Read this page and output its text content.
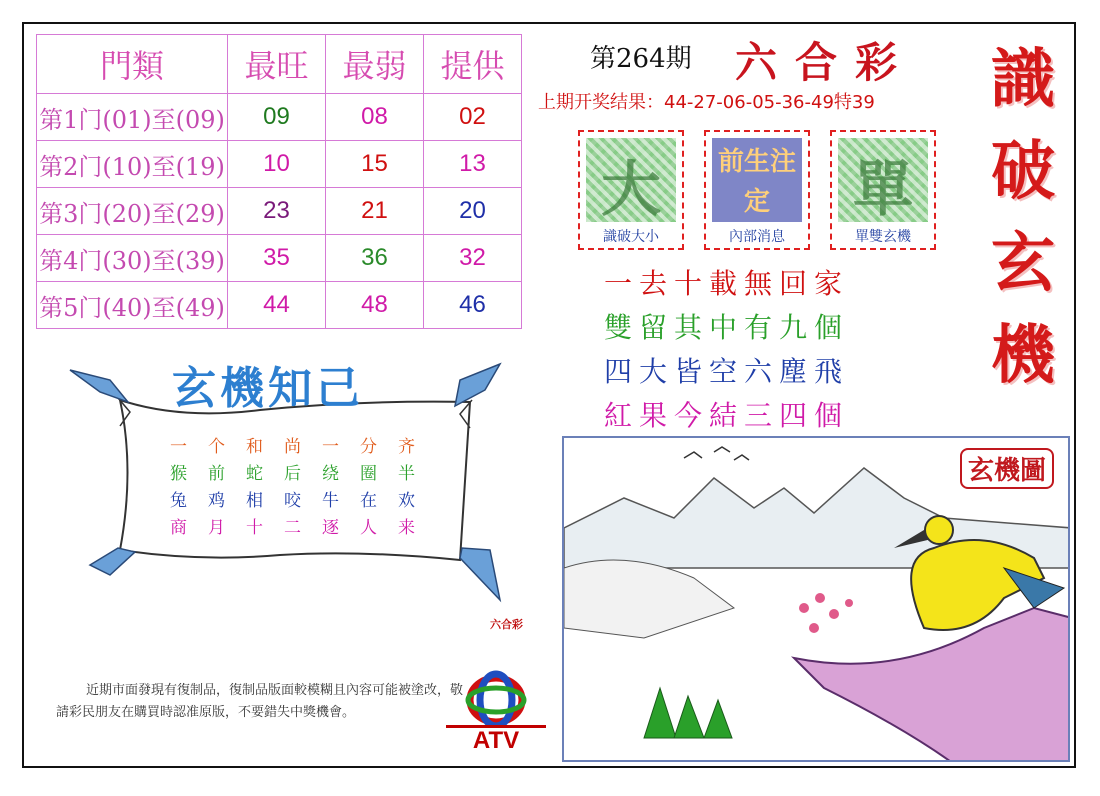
門類	最旺	最弱	提供
第1门(01)至(09)	09	08	02
第2门(10)至(19)	10	15	13
第3门(20)至(29)	23	21	20
第4门(30)至(39)	35	36	32
第5门(40)至(49)	44	48	46
第264期 六合彩
上期开奖结果：44-27-06-05-36-49特39 識
破
玄
機
大
識破大小
前生注定
內部消息
單
單雙玄機
一去十載無回家
雙留其中有九個
四大皆空六塵飛
紅果今結三四個
玄機知己
一个和尚一分齐
猴前蛇后绕圈半
兔鸡相咬牛在欢
商月十二逐人来
六合彩
近期市面發現有復制品，復制品版面較模糊且內容可能被塗改，敬請彩民朋友在購買時認准原版，不要錯失中獎機會。
ATV
玄機圖
